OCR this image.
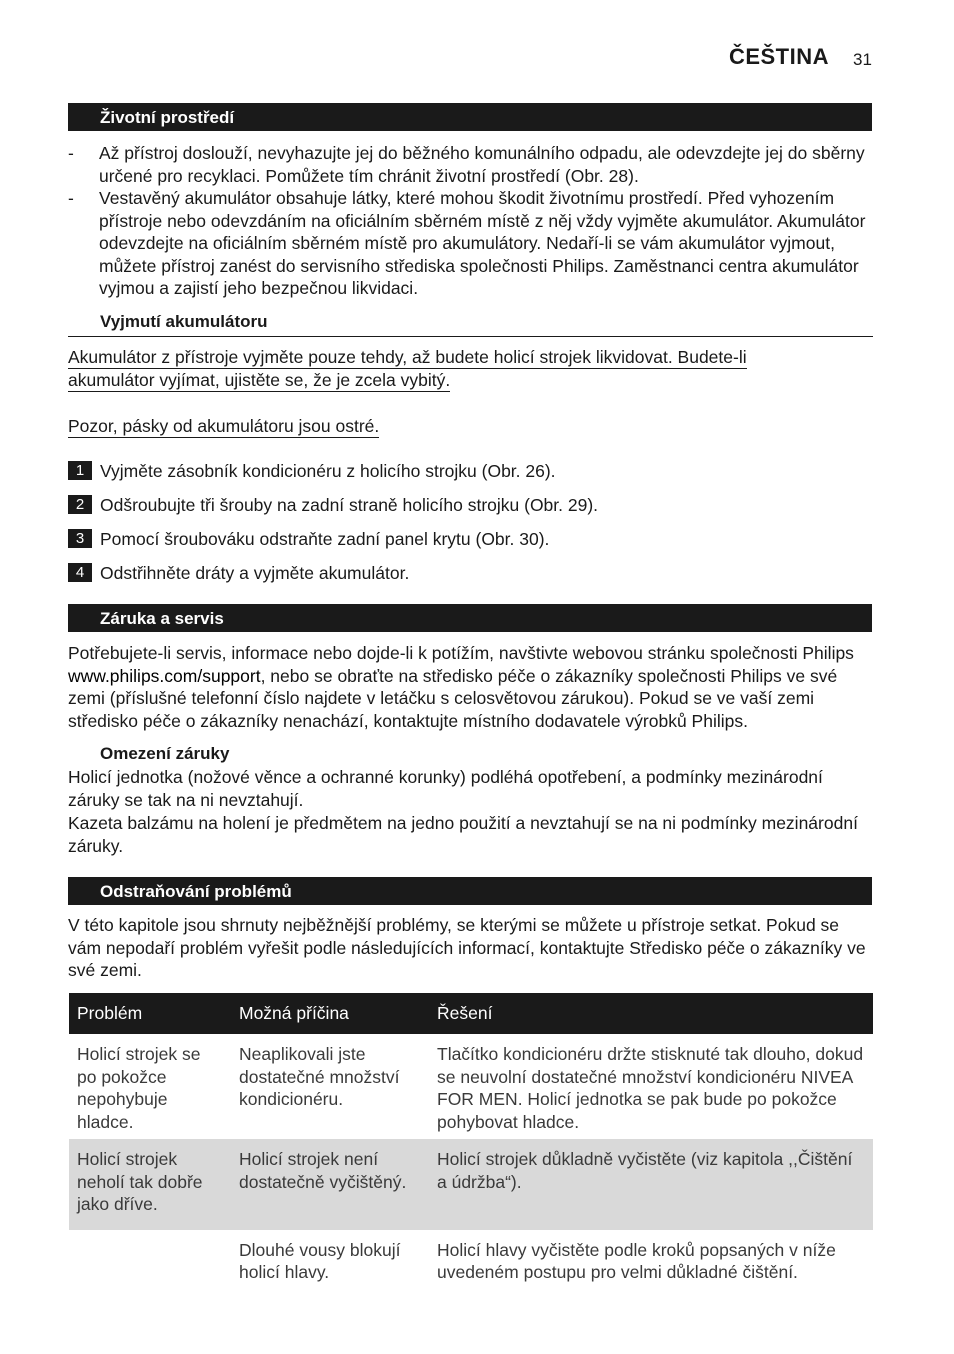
ČEŠTINA 31
Životní prostředí
- Až přístroj doslouží, nevyhazujte jej do běžného komunálního odpadu, ale odevzdejte jej do sběrny určené pro recyklaci. Pomůžete tím chránit životní prostředí (Obr. 28).
- Vestavěný akumulátor obsahuje látky, které mohou škodit životnímu prostředí. Před vyhozením přístroje nebo odevzdáním na oficiálním sběrném místě z něj vždy vyjměte akumulátor. Akumulátor odevzdejte na oficiálním sběrném místě pro akumulátory. Nedaří-li se vám akumulátor vyjmout, můžete přístroj zanést do servisního střediska společnosti Philips. Zaměstnanci centra akumulátor vyjmou a zajistí jeho bezpečnou likvidaci.
Vyjmutí akumulátoru
Akumulátor z přístroje vyjměte pouze tehdy, až budete holicí strojek likvidovat. Budete-li
akumulátor vyjímat, ujistěte se, že je zcela vybitý.
Pozor, pásky od akumulátoru jsou ostré.
1 Vyjměte zásobník kondicionéru z holicího strojku (Obr. 26).
2 Odšroubujte tři šrouby na zadní straně holicího strojku (Obr. 29).
3 Pomocí šroubováku odstraňte zadní panel krytu (Obr. 30).
4 Odstřihněte dráty a vyjměte akumulátor.
Záruka a servis
Potřebujete-li servis, informace nebo dojde-li k potížím, navštivte webovou stránku společnosti Philips www.philips.com/support, nebo se obraťte na středisko péče o zákazníky společnosti Philips ve své zemi (příslušné telefonní číslo najdete v letáčku s celosvětovou zárukou). Pokud se ve vaší zemi středisko péče o zákazníky nenachází, kontaktujte místního dodavatele výrobků Philips.
Omezení záruky
Holicí jednotka (nožové věnce a ochranné korunky) podléhá opotřebení, a podmínky mezinárodní záruky se tak na ni nevztahují.
Kazeta balzámu na holení je předmětem na jedno použití a nevztahují se na ni podmínky mezinárodní záruky.
Odstraňování problémů
V této kapitole jsou shrnuty nejběžnější problémy, se kterými se můžete u přístroje setkat. Pokud se vám nepodaří problém vyřešit podle následujících informací, kontaktujte Středisko péče o zákazníky ve své zemi.
Problém	Možná příčina	Řešení
Holicí strojek se po pokožce nepohybuje hladce.	Neaplikovali jste dostatečné množství kondicionéru.	Tlačítko kondicionéru držte stisknuté tak dlouho, dokud se neuvolní dostatečné množství kondicionéru NIVEA FOR MEN. Holicí jednotka se pak bude po pokožce pohybovat hladce.
Holicí strojek neholí tak dobře jako dříve.	Holicí strojek není dostatečně vyčištěný.	Holicí strojek důkladně vyčistěte (viz kapitola ,,Čištění a údržba“).
	Dlouhé vousy blokují holicí hlavy.	Holicí hlavy vyčistěte podle kroků popsaných v níže uvedeném postupu pro velmi důkladné čištění.
